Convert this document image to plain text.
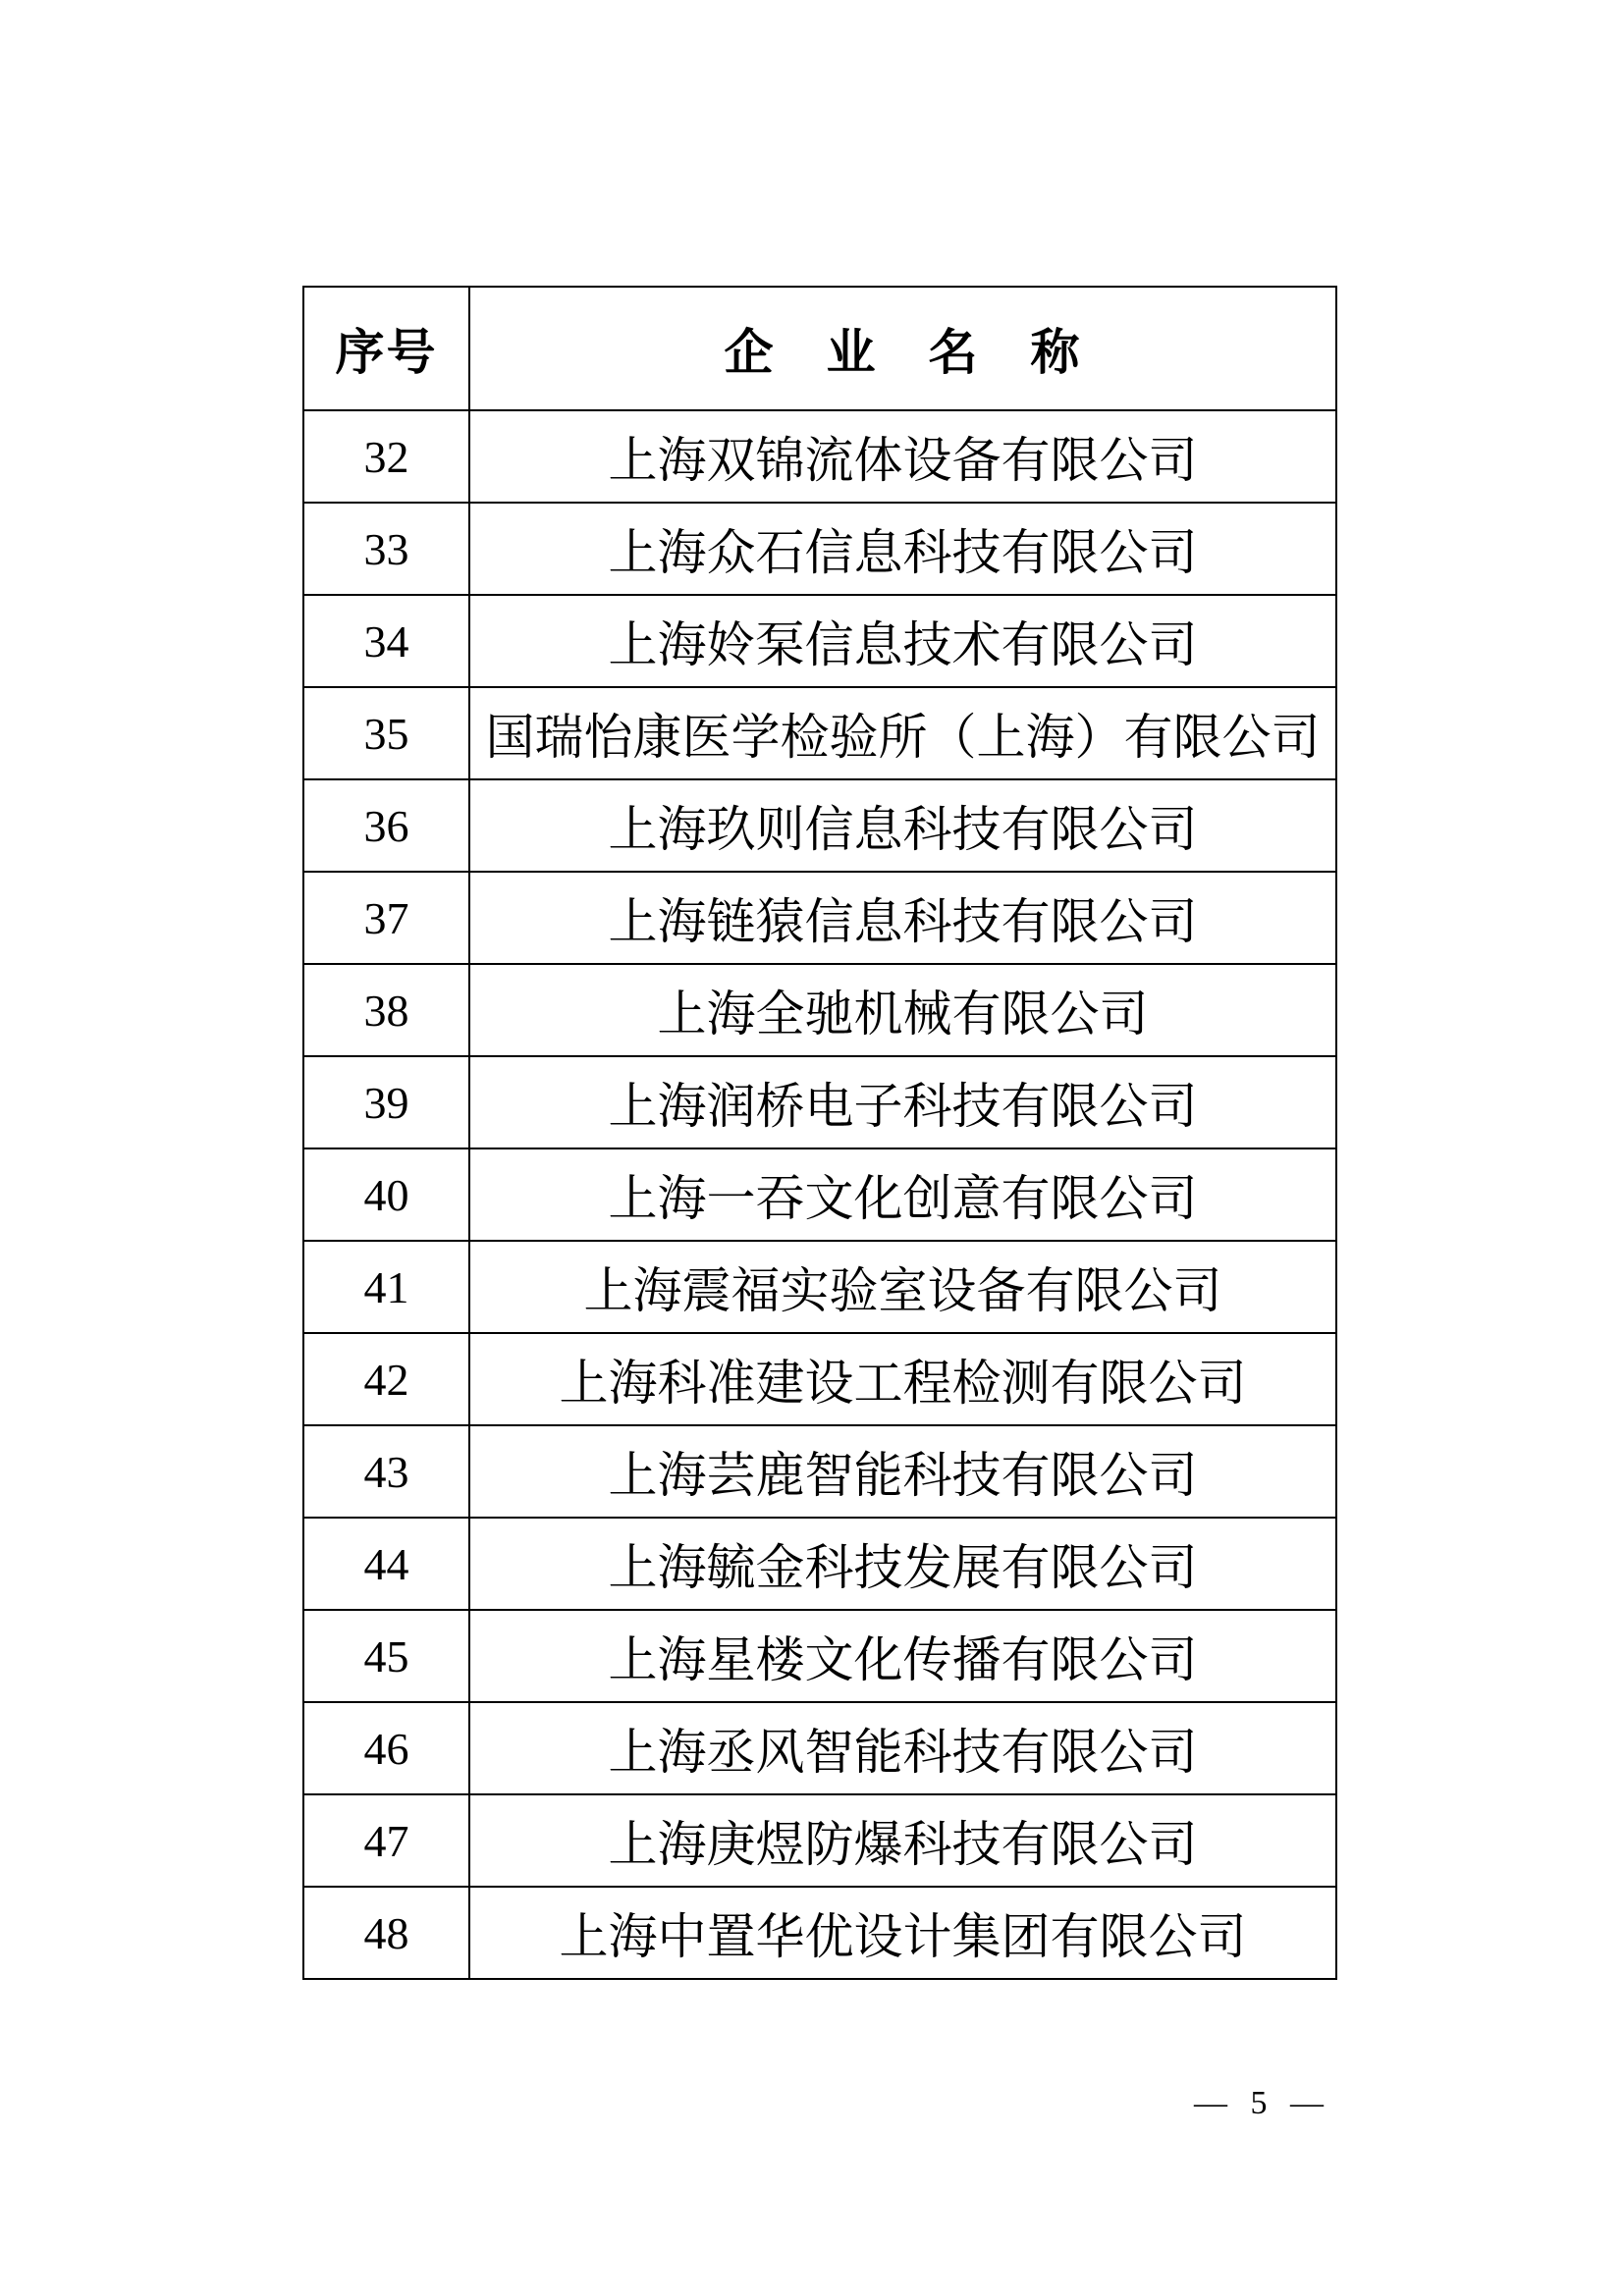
序号	企　业　名　称
32	上海双锦流体设备有限公司
33	上海众石信息科技有限公司
34	上海姈䂞信息技术有限公司
35	国瑞怡康医学检验所（上海）有限公司
36	上海玖则信息科技有限公司
37	上海链猿信息科技有限公司
38	上海全驰机械有限公司
39	上海润桥电子科技有限公司
40	上海一吞文化创意有限公司
41	上海震福实验室设备有限公司
42	上海科准建设工程检测有限公司
43	上海芸鹿智能科技有限公司
44	上海毓金科技发展有限公司
45	上海星楼文化传播有限公司
46	上海丞风智能科技有限公司
47	上海庚煜防爆科技有限公司
48	上海中置华优设计集团有限公司
— 5 —
